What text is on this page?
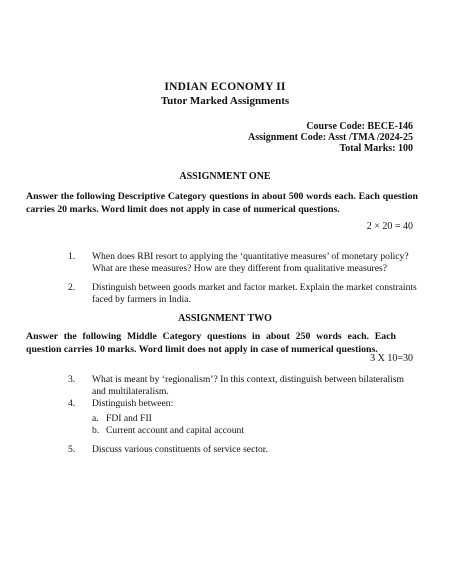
INDIAN ECONOMY II
Tutor Marked Assignments
Course Code: BECE-146
Assignment Code: Asst /TMA /2024-25
Total Marks: 100
ASSIGNMENT ONE
Answer the following Descriptive Category questions in about 500 words each. Each question carries 20 marks. Word limit does not apply in case of numerical questions.
2 × 20 = 40
1. When does RBI resort to applying the ‘quantitative measures’ of monetary policy? What are these measures? How are they different from qualitative measures?
2. Distinguish between goods market and factor market. Explain the market constraints faced by farmers in India.
ASSIGNMENT TWO
Answer the following Middle Category questions in about 250 words each. Each question carries 10 marks. Word limit does not apply in case of numerical questions.
3 X 10=30
3. What is meant by ‘regionalism’? In this context, distinguish between bilateralism and multilateralism.
4. Distinguish between:
a. FDI and FII
b. Current account and capital account
5. Discuss various constituents of service sector.
